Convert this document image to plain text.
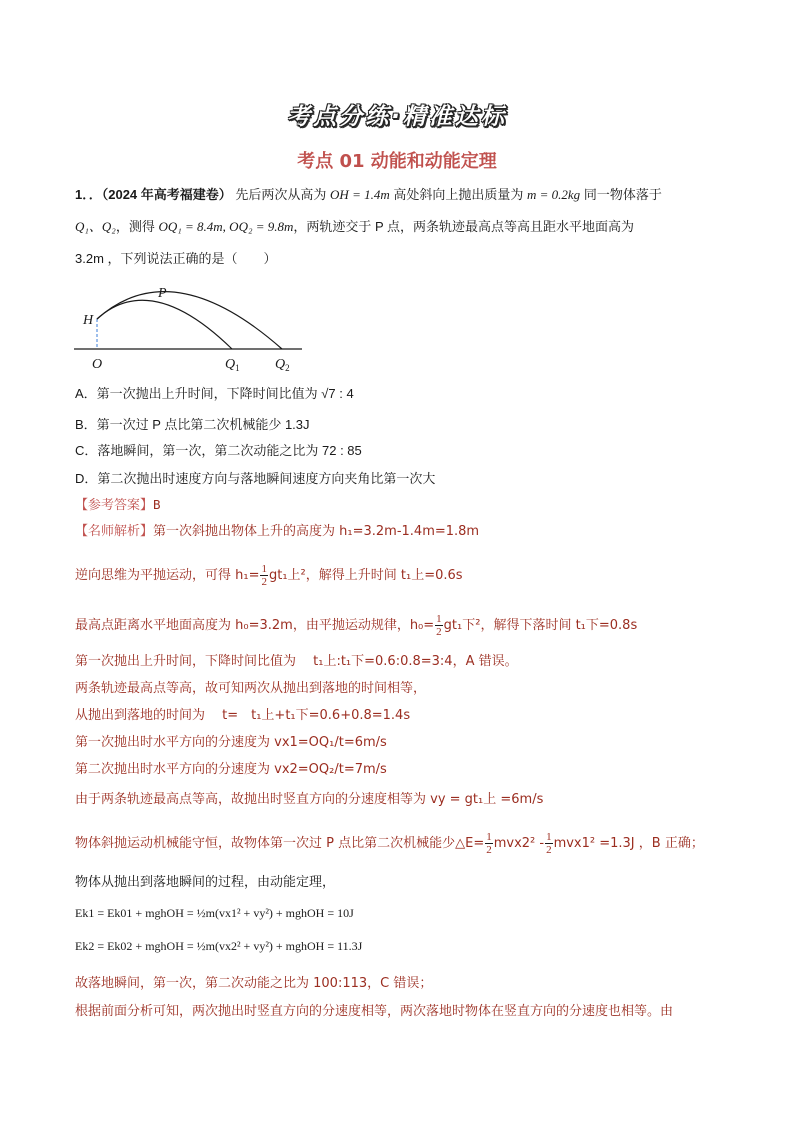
考点分练·精准达标
考点 01 动能和动能定理
1．．（2024 年高考福建卷） 先后两次从高为 OH = 1.4m 高处斜向上抛出质量为 m = 0.2kg 同一物体落于
Q₁、Q₂，测得 OQ₁ = 8.4m, OQ₂ = 9.8m，两轨迹交于 P 点，两条轨迹最高点等高且距水平地面高为
3.2m ，下列说法正确的是（　　）
H
P
O	$Q_1$	$Q_2$
A．第一次抛出上升时间，下降时间比值为 √7 : 4
B．第一次过 P 点比第二次机械能少 1.3J
C．落地瞬间，第一次，第二次动能之比为 72 : 85
D．第二次抛出时速度方向与落地瞬间速度方向夹角比第一次大
【参考答案】B
【名师解析】第一次斜抛出物体上升的高度为 h₁=3.2m-1.4m=1.8m
逆向思维为平抛运动，可得 $h_1= \frac{1}{2} gt_1$上²，解得上升时间 t₁上=0.6s
最高点距离水平地面高度为 h₀=3.2m，由平抛运动规律，$h_0= \frac{1}{2} gt_1$下²，解得下落时间 t₁下=0.8s
第一次抛出上升时间，下降时间比值为　 t₁上:t₁下=0.6:0.8=3:4，A 错误。
两条轨迹最高点等高，故可知两次从抛出到落地的时间相等，
从抛出到落地的时间为　 t=　t₁上+t₁下=0.6+0.8=1.4s
第一次抛出时水平方向的分速度为 vx1=OQ₁/t=6m/s
第二次抛出时水平方向的分速度为 vx2=OQ₂/t=7m/s
由于两条轨迹最高点等高，故抛出时竖直方向的分速度相等为 vy = gt₁上 =6m/s
物体斜抛运动机械能守恒，故物体第一次过 P 点比第二次机械能少△E= $\frac{1}{2} mvx2^2 - \frac{1}{2} mvx1^2 =1.3J$ ，B 正确；
物体从抛出到落地瞬间的过程，由动能定理，
Ek1 = Ek01 + mghOH = ½m(vx1² + vy²) + mghOH = 10J
Ek2 = Ek02 + mghOH = ½m(vx2² + vy²) + mghOH = 11.3J
故落地瞬间，第一次，第二次动能之比为 100:113，C 错误；
根据前面分析可知，两次抛出时竖直方向的分速度相等，两次落地时物体在竖直方向的分速度也相等。由
